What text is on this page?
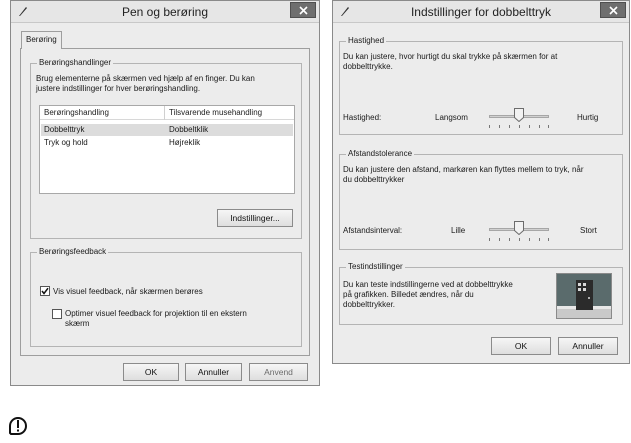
Pen og berøring
Berøring
Berøringshandlinger
Brug elementerne på skærmen ved hjælp af en finger. Du kan
justere indstillinger for hver berøringshandling.
Berøringshandling	Tilsvarende musehandling
Dobbelttryk	Dobbeltklik
Tryk og hold	Højreklik
Indstillinger...
Berøringsfeedback
Vis visuel feedback, når skærmen berøres
Optimer visuel feedback for projektion til en ekstern
skærm
OK	Annuller	Anvend
Indstillinger for dobbelttryk
Hastighed
Du kan justere, hvor hurtigt du skal trykke på skærmen for at
dobbelttrykke.
Hastighed:	Langsom	Hurtig
Afstandstolerance
Du kan justere den afstand, markøren kan flyttes mellem to tryk, når
du dobbelttrykker
Afstandsinterval:	Lille	Stort
Testindstillinger
Du kan teste indstillingerne ved at dobbelttrykke
på grafikken. Billedet ændres, når du
dobbelttrykker.
OK	Annuller
